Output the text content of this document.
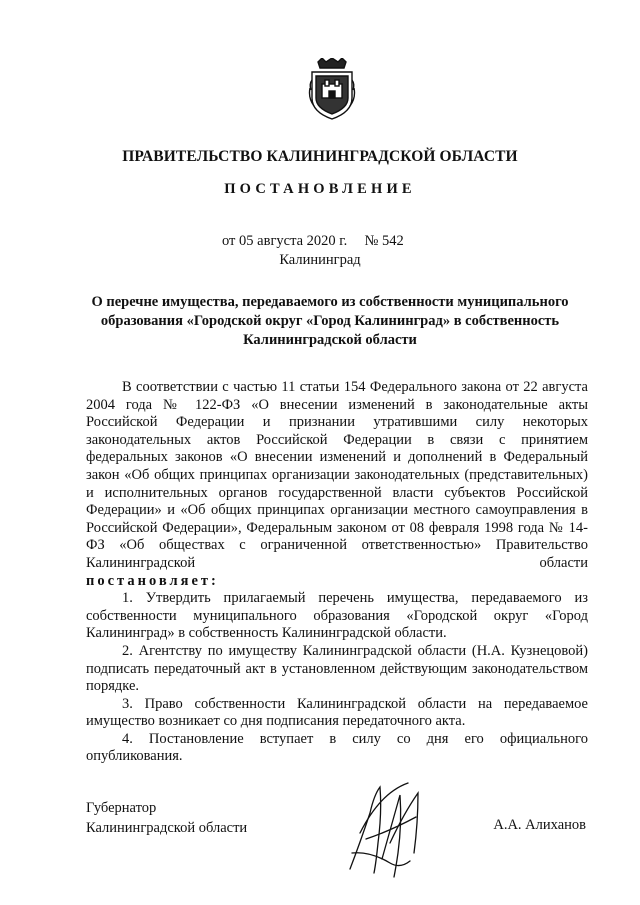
ПРАВИТЕЛЬСТВО КАЛИНИНГРАДСКОЙ ОБЛАСТИ
ПОСТАНОВЛЕНИЕ
от 05 августа 2020 г. № 542
Калининград
О перечне имущества, передаваемого из собственности муниципального
образования «Городской округ «Город Калининград» в собственность
Калининградской области

В соответствии с частью 11 статьи 154 Федерального закона от 22 августа 2004 года № 122-ФЗ «О внесении изменений в законодательные акты Российской Федерации и признании утратившими силу некоторых законодательных актов Российской Федерации в связи с принятием федеральных законов «О внесении изменений и дополнений в Федеральный закон «Об общих принципах организации законодательных (представительных) и исполнительных органов государственной власти субъектов Российской Федерации» и «Об общих принципах организации местного самоуправления в Российской Федерации», Федеральным законом от 08 февраля 1998 года № 14-ФЗ «Об обществах с ограниченной ответственностью» Правительство Калининградской области

постановляет:

1. Утвердить прилагаемый перечень имущества, передаваемого из собственности муниципального образования «Городской округ «Город Калининград» в собственность Калининградской области.

2. Агентству по имуществу Калининградской области (Н.А. Кузнецовой) подписать передаточный акт в установленном действующим законодательством порядке.

3. Право собственности Калининградской области на передаваемое имущество возникает со дня подписания передаточного акта.

4. Постановление вступает в силу со дня его официального опубликования.

Губернатор
Калининградской области	А.А. Алиханов
